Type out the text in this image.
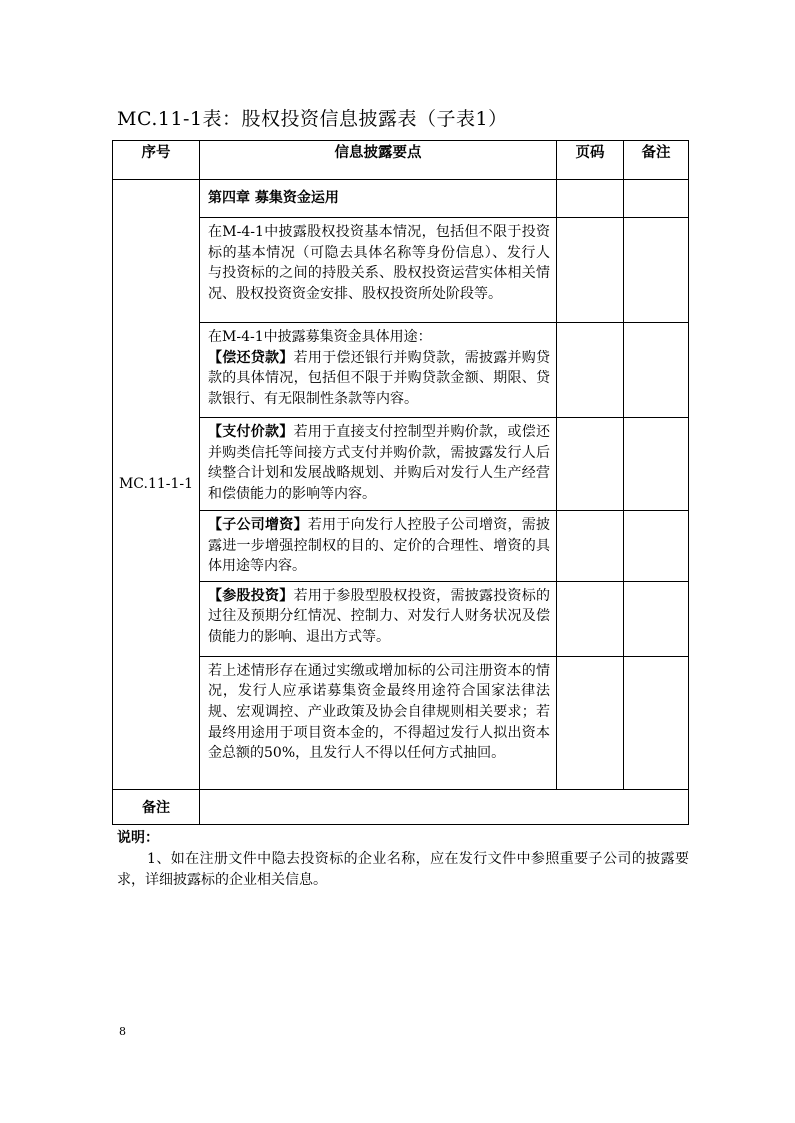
MC.11-1表：股权投资信息披露表（子表1）
序号	信息披露要点	页码	备注
MC.11-1-1	第四章 募集资金运用		

	在M-4-1中披露股权投资基本情况，包括但不限于投资标的基本情况（可隐去具体名称等身份信息）、发行人与投资标的之间的持股关系、股权投资运营实体相关情况、股权投资资金安排、股权投资所处阶段等。		

	在M-4-1中披露募集资金具体用途：
【偿还贷款】若用于偿还银行并购贷款，需披露并购贷款的具体情况，包括但不限于并购贷款金额、期限、贷款银行、有无限制性条款等内容。		

	【支付价款】若用于直接支付控制型并购价款，或偿还并购类信托等间接方式支付并购价款，需披露发行人后续整合计划和发展战略规划、并购后对发行人生产经营和偿债能力的影响等内容。		

	【子公司增资】若用于向发行人控股子公司增资，需披露进一步增强控制权的目的、定价的合理性、增资的具体用途等内容。		

	【参股投资】若用于参股型股权投资，需披露投资标的过往及预期分红情况、控制力、对发行人财务状况及偿债能力的影响、退出方式等。		

	若上述情形存在通过实缴或增加标的公司注册资本的情况，发行人应承诺募集资金最终用途符合国家法律法规、宏观调控、产业政策及协会自律规则相关要求；若最终用途用于项目资本金的，不得超过发行人拟出资本金总额的50%，且发行人不得以任何方式抽回。		

备注			
说明：
1、如在注册文件中隐去投资标的企业名称，应在发行文件中参照重要子公司的披露要求，详细披露标的企业相关信息。
8
